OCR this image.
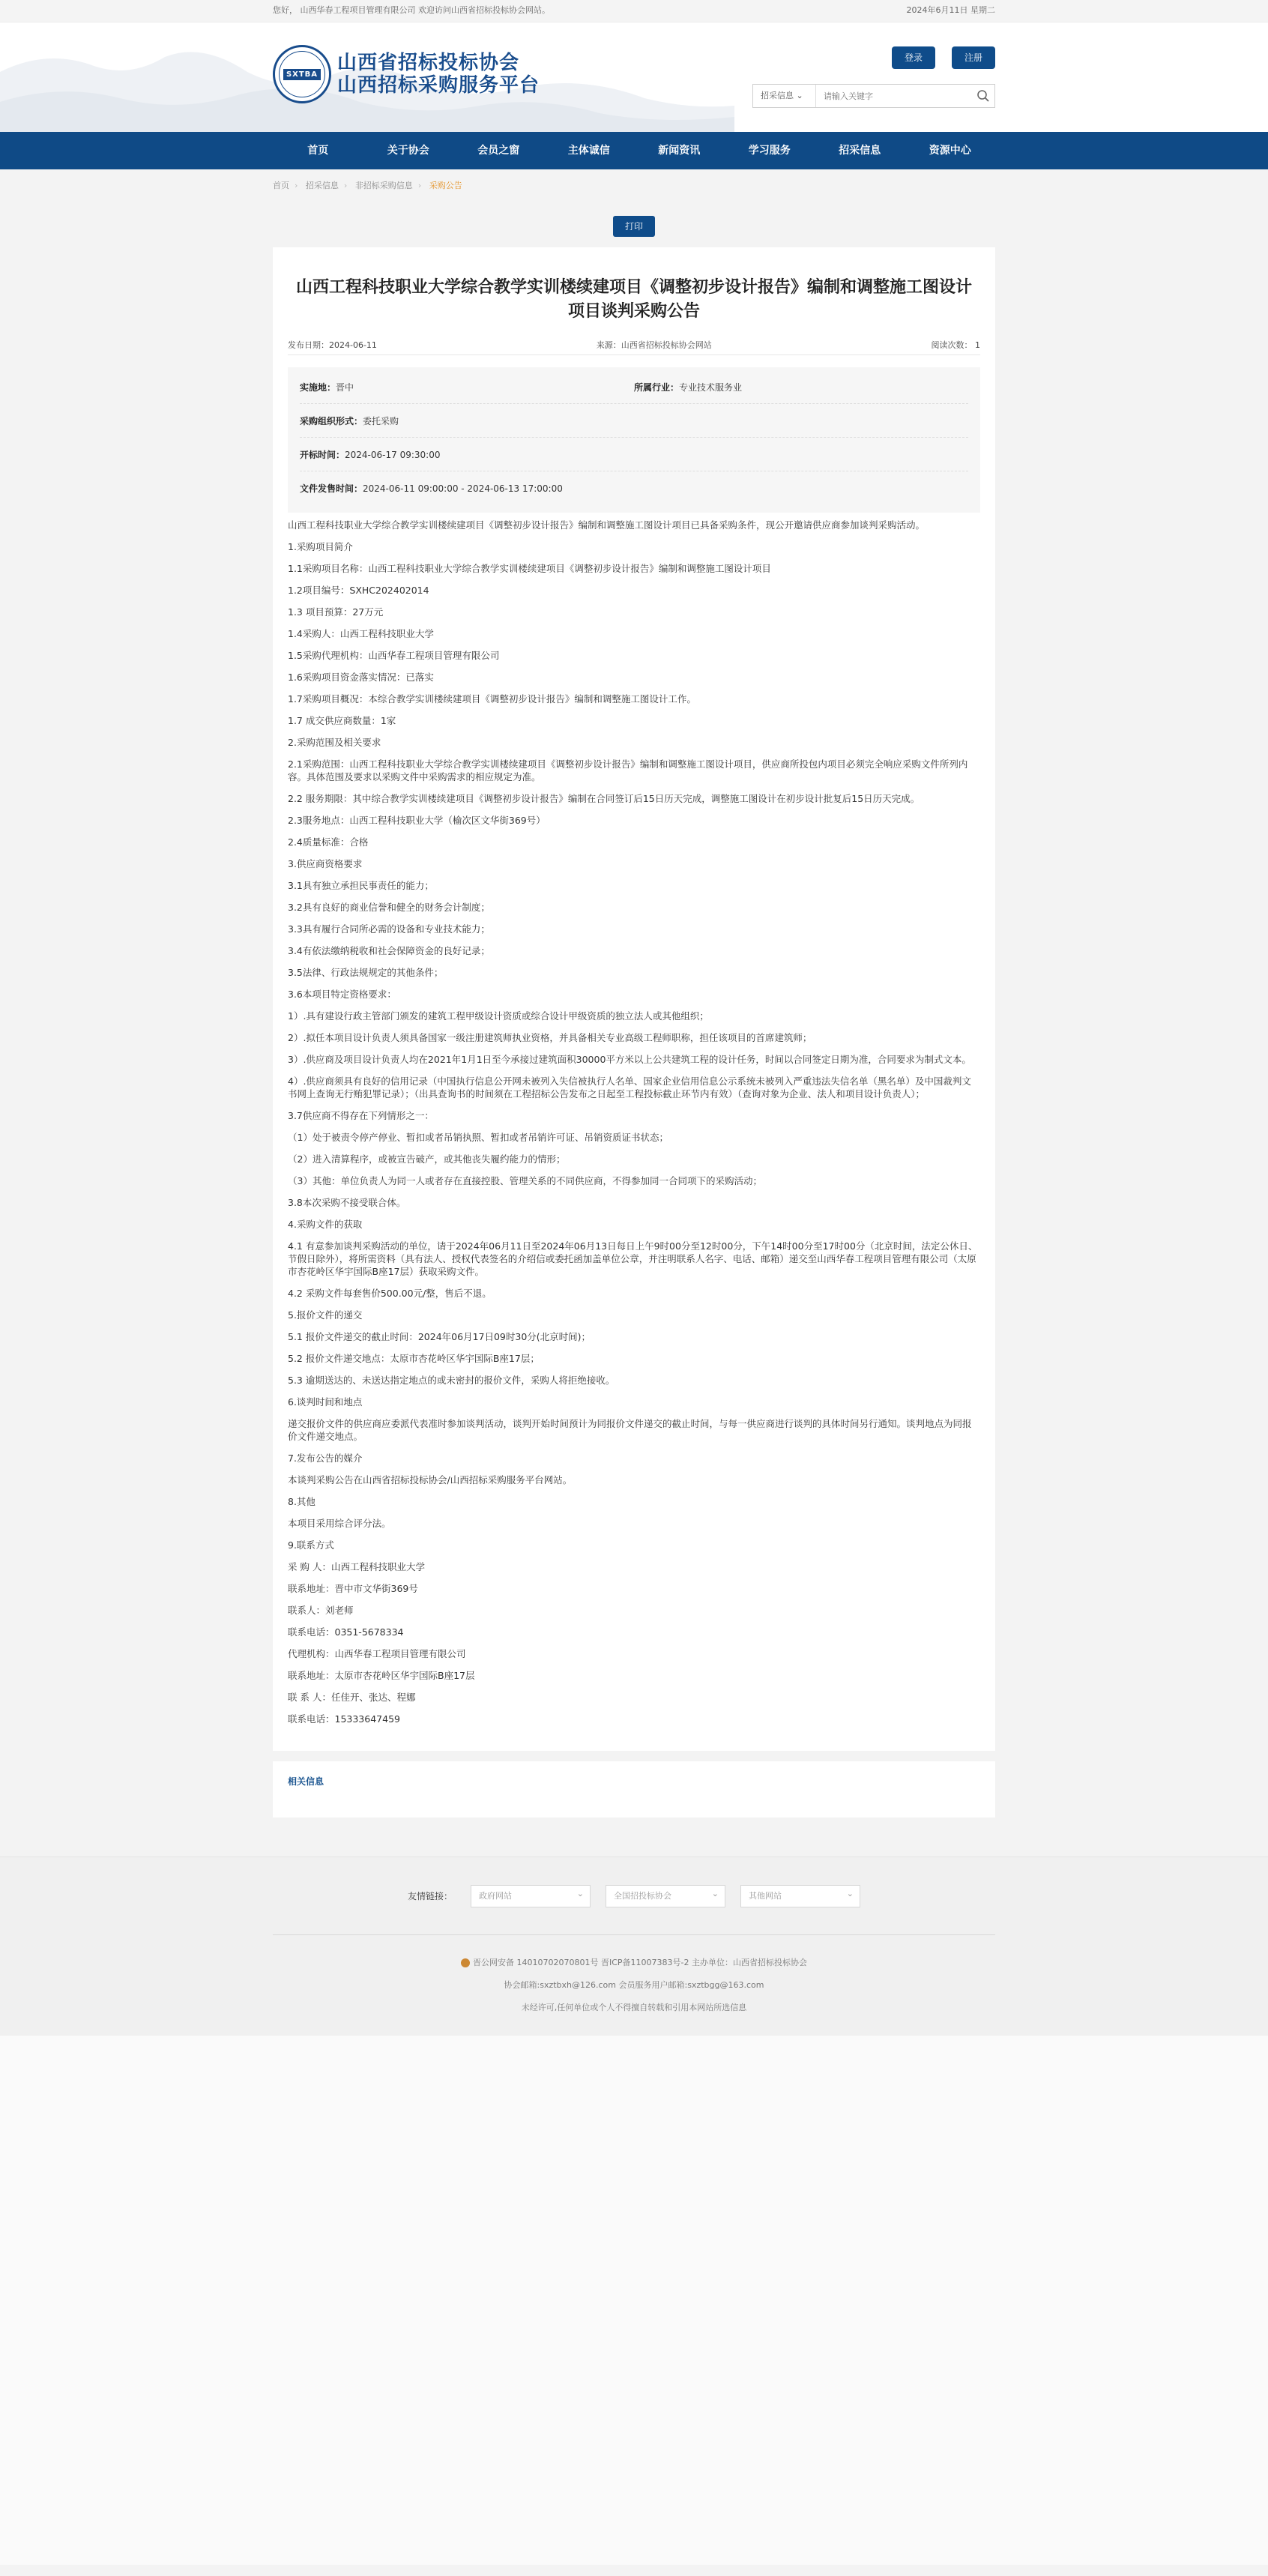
您好， 山西华春工程项目管理有限公司 欢迎访问山西省招标投标协会网站。	2024年6月11日 星期二
SXTBA 山西省招标投标协会
山西招标采购服务平台
登录	注册
招采信息 ⌄
请输入关键字
首页	关于协会	会员之窗	主体诚信	新闻资讯	学习服务	招采信息	资源中心
首页 › 招采信息 › 非招标采购信息 › 采购公告
打印
山西工程科技职业大学综合教学实训楼续建项目《调整初步设计报告》编制和调整施工图设计项目谈判采购公告
发布日期：2024-06-11	来源：山西省招标投标协会网站	阅读次数： 1
实施地：晋中	所属行业：专业技术服务业
采购组织形式：委托采购
开标时间：2024-06-17 09:30:00
文件发售时间：2024-06-11 09:00:00 - 2024-06-13 17:00:00

山西工程科技职业大学综合教学实训楼续建项目《调整初步设计报告》编制和调整施工图设计项目已具备采购条件，现公开邀请供应商参加谈判采购活动。

1.采购项目简介

1.1采购项目名称：山西工程科技职业大学综合教学实训楼续建项目《调整初步设计报告》编制和调整施工图设计项目

1.2项目编号：SXHC202402014

1.3 项目预算：27万元

1.4采购人：山西工程科技职业大学

1.5采购代理机构：山西华春工程项目管理有限公司

1.6采购项目资金落实情况：已落实

1.7采购项目概况：本综合教学实训楼续建项目《调整初步设计报告》编制和调整施工图设计工作。

1.7 成交供应商数量：1家

2.采购范围及相关要求

2.1采购范围：山西工程科技职业大学综合教学实训楼续建项目《调整初步设计报告》编制和调整施工图设计项目，供应商所投包内项目必须完全响应采购文件所列内容。具体范围及要求以采购文件中采购需求的相应规定为准。

2.2 服务期限：其中综合教学实训楼续建项目《调整初步设计报告》编制在合同签订后15日历天完成，调整施工图设计在初步设计批复后15日历天完成。

2.3服务地点：山西工程科技职业大学（榆次区文华街369号）

2.4质量标准：合格

3.供应商资格要求

3.1具有独立承担民事责任的能力；

3.2具有良好的商业信誉和健全的财务会计制度；

3.3具有履行合同所必需的设备和专业技术能力；

3.4有依法缴纳税收和社会保障资金的良好记录；

3.5法律、行政法规规定的其他条件；

3.6本项目特定资格要求：

1）.具有建设行政主管部门颁发的建筑工程甲级设计资质或综合设计甲级资质的独立法人或其他组织；

2）.拟任本项目设计负责人须具备国家一级注册建筑师执业资格，并具备相关专业高级工程师职称，担任该项目的首席建筑师；

3）.供应商及项目设计负责人均在2021年1月1日至今承接过建筑面积30000平方米以上公共建筑工程的设计任务，时间以合同签定日期为准，合同要求为制式文本。

4）.供应商须具有良好的信用记录（中国执行信息公开网未被列入失信被执行人名单、国家企业信用信息公示系统未被列入严重违法失信名单（黑名单）及中国裁判文书网上查询无行贿犯罪记录）；（出具查询书的时间须在工程招标公告发布之日起至工程投标截止环节内有效）（查询对象为企业、法人和项目设计负责人）；

3.7供应商不得存在下列情形之一：

（1）处于被责令停产停业、暂扣或者吊销执照、暂扣或者吊销许可证、吊销资质证书状态；

（2）进入清算程序，或被宣告破产，或其他丧失履约能力的情形；

（3）其他：单位负责人为同一人或者存在直接控股、管理关系的不同供应商，不得参加同一合同项下的采购活动；

3.8本次采购不接受联合体。

4.采购文件的获取

4.1 有意参加谈判采购活动的单位，请于2024年06月11日至2024年06月13日每日上午9时00分至12时00分，下午14时00分至17时00分（北京时间，法定公休日、节假日除外），将所需资料（具有法人、授权代表签名的介绍信或委托函加盖单位公章，并注明联系人名字、电话、邮箱）递交至山西华春工程项目管理有限公司（太原市杏花岭区华宇国际B座17层）获取采购文件。

4.2 采购文件每套售价500.00元/整，售后不退。

5.报价文件的递交

5.1 报价文件递交的截止时间：2024年06月17日09时30分(北京时间)；

5.2 报价文件递交地点：太原市杏花岭区华宇国际B座17层；

5.3 逾期送达的、未送达指定地点的或未密封的报价文件，采购人将拒绝接收。

6.谈判时间和地点

递交报价文件的供应商应委派代表准时参加谈判活动，谈判开始时间预计为同报价文件递交的截止时间，与每一供应商进行谈判的具体时间另行通知。谈判地点为同报价文件递交地点。

7.发布公告的媒介

本谈判采购公告在山西省招标投标协会/山西招标采购服务平台网站。

8.其他

本项目采用综合评分法。

9.联系方式

采 购 人：山西工程科技职业大学

联系地址：晋中市文华街369号

联系人：刘老师

联系电话：0351-5678334

代理机构：山西华春工程项目管理有限公司

联系地址：太原市杏花岭区华宇国际B座17层

联 系 人：任佳开、张达、程娜

联系电话：15333647459

相关信息
友情链接：	政府网站 ⌄	全国招投标协会 ⌄	其他网站 ⌄

晋公网安备 14010702070801号 晋ICP备11007383号-2 主办单位：山西省招标投标协会

协会邮箱:sxztbxh@126.com 会员服务用户邮箱:sxztbgg@163.com

未经许可,任何单位或个人不得擅自转载和引用本网站所选信息
